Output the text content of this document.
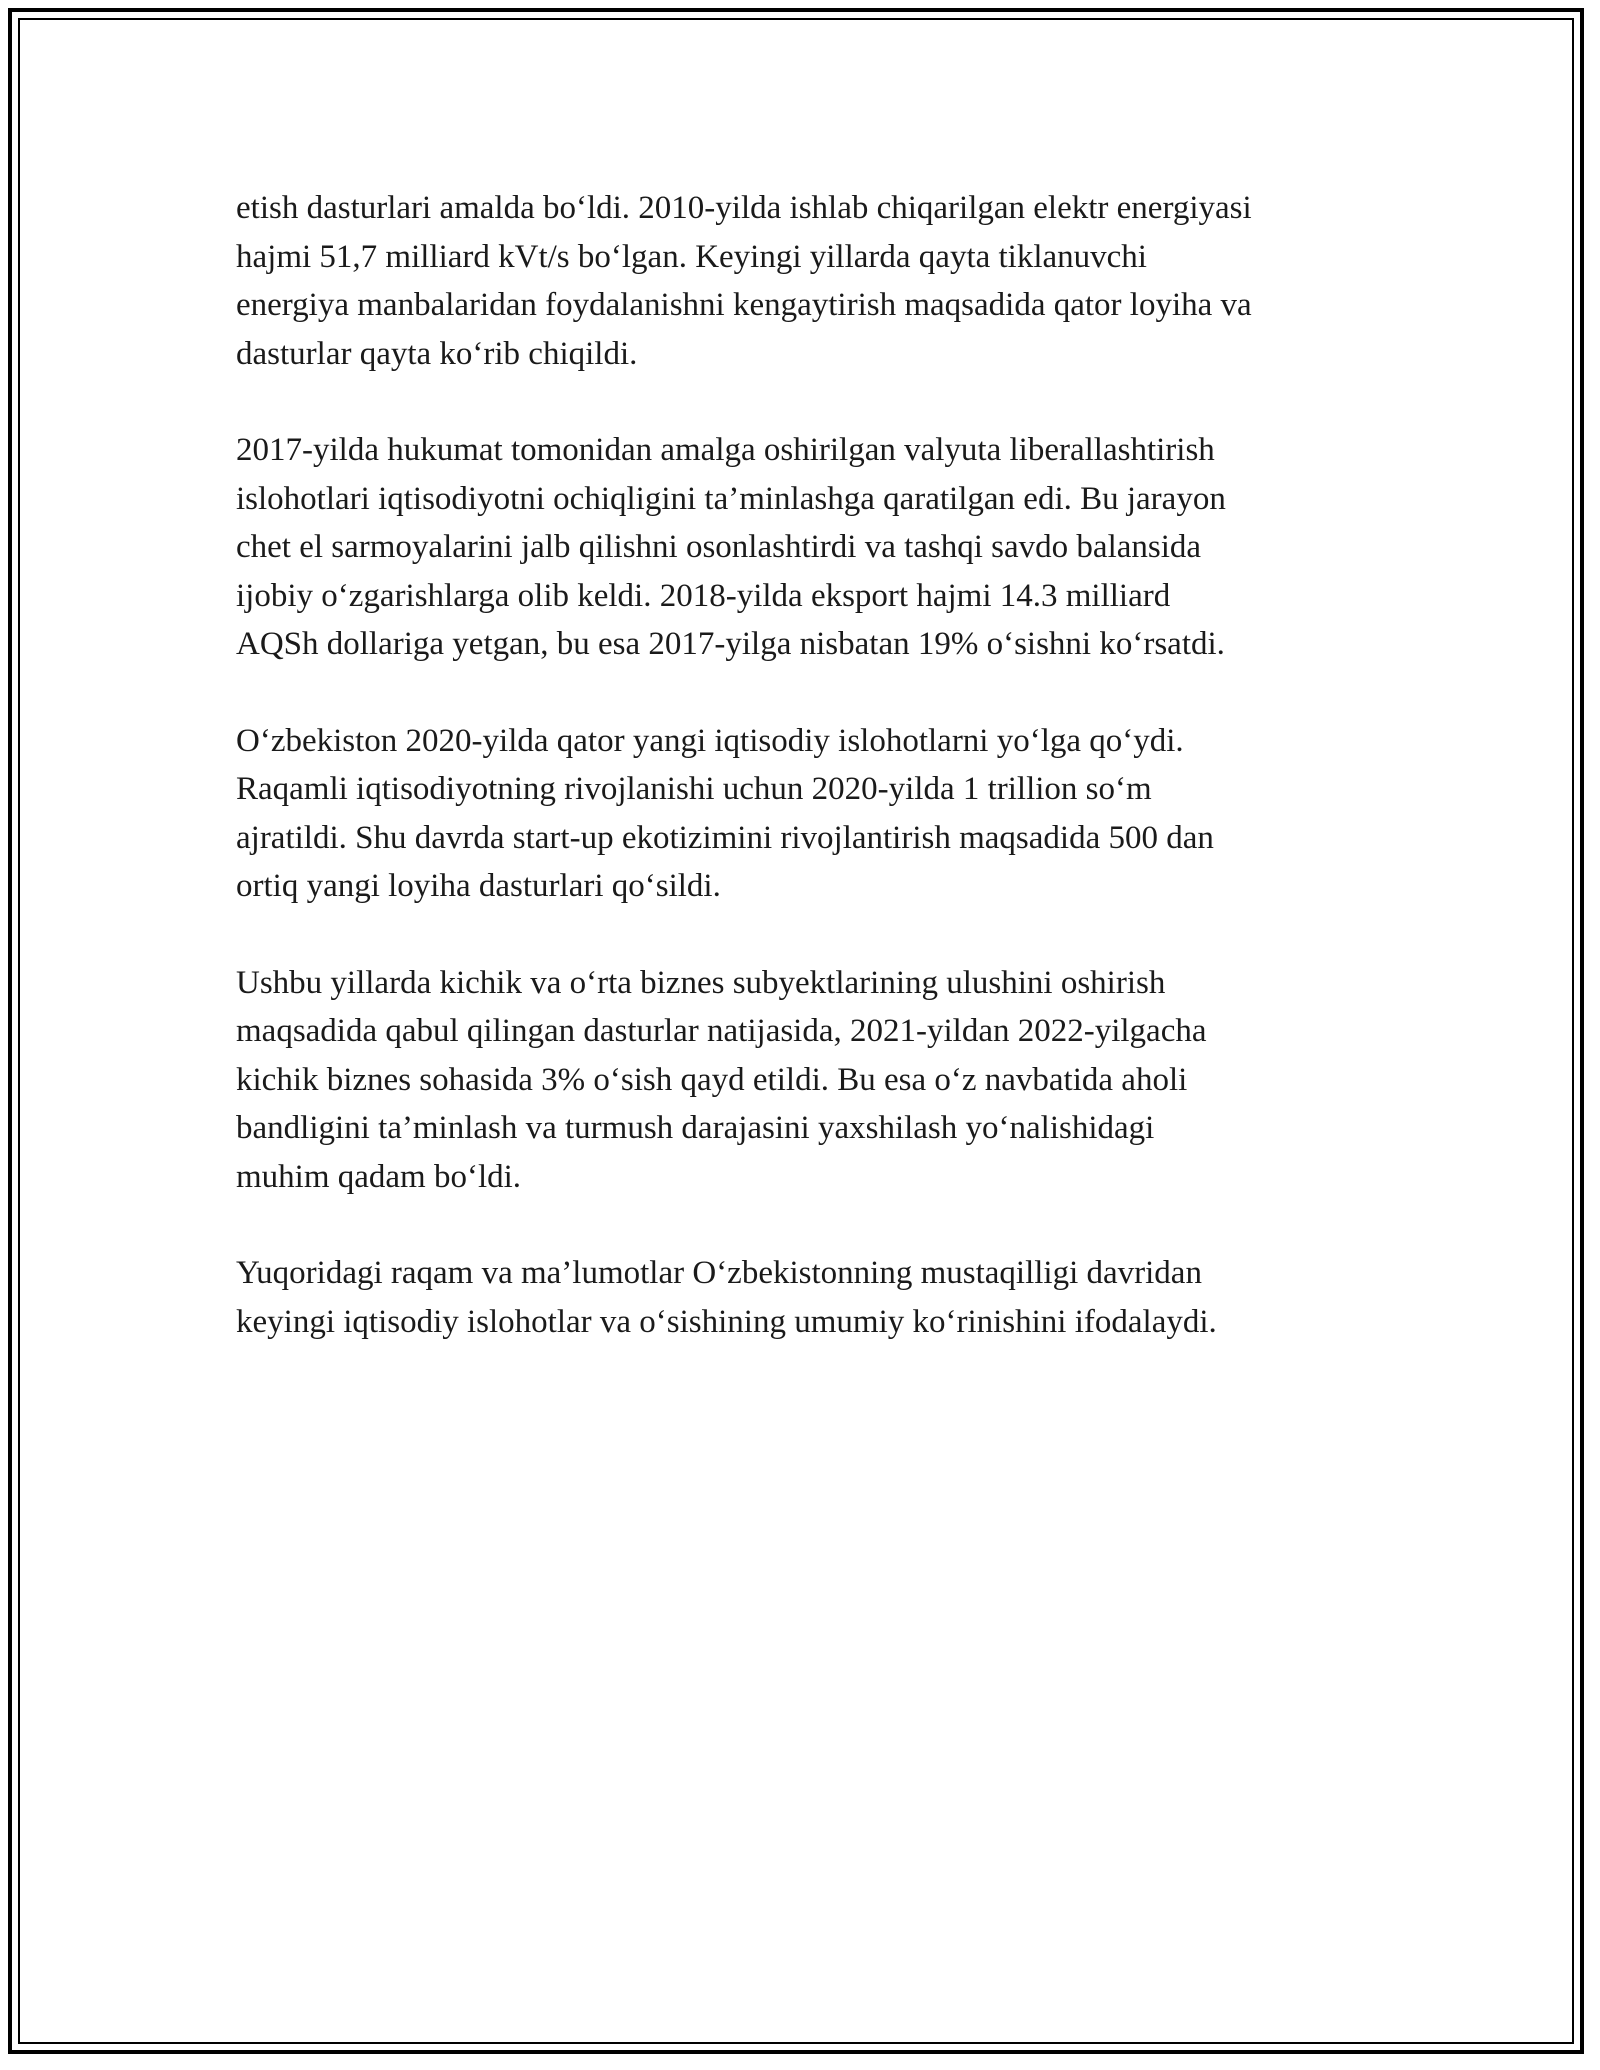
etish dasturlari amalda bo‘ldi. 2010-yilda ishlab chiqarilgan elektr energiyasi
hajmi 51,7 milliard kVt/s bo‘lgan. Keyingi yillarda qayta tiklanuvchi
energiya manbalaridan foydalanishni kengaytirish maqsadida qator loyiha va
dasturlar qayta ko‘rib chiqildi.

2017-yilda hukumat tomonidan amalga oshirilgan valyuta liberallashtirish
islohotlari iqtisodiyotni ochiqligini ta’minlashga qaratilgan edi. Bu jarayon
chet el sarmoyalarini jalb qilishni osonlashtirdi va tashqi savdo balansida
ijobiy o‘zgarishlarga olib keldi. 2018-yilda eksport hajmi 14.3 milliard
AQSh dollariga yetgan, bu esa 2017-yilga nisbatan 19% o‘sishni ko‘rsatdi.

O‘zbekiston 2020-yilda qator yangi iqtisodiy islohotlarni yo‘lga qo‘ydi.
Raqamli iqtisodiyotning rivojlanishi uchun 2020-yilda 1 trillion so‘m
ajratildi. Shu davrda start-up ekotizimini rivojlantirish maqsadida 500 dan
ortiq yangi loyiha dasturlari qo‘sildi.

Ushbu yillarda kichik va o‘rta biznes subyektlarining ulushini oshirish
maqsadida qabul qilingan dasturlar natijasida, 2021-yildan 2022-yilgacha
kichik biznes sohasida 3% o‘sish qayd etildi. Bu esa o‘z navbatida aholi
bandligini ta’minlash va turmush darajasini yaxshilash yo‘nalishidagi
muhim qadam bo‘ldi.

Yuqoridagi raqam va ma’lumotlar O‘zbekistonning mustaqilligi davridan
keyingi iqtisodiy islohotlar va o‘sishining umumiy ko‘rinishini ifodalaydi.
